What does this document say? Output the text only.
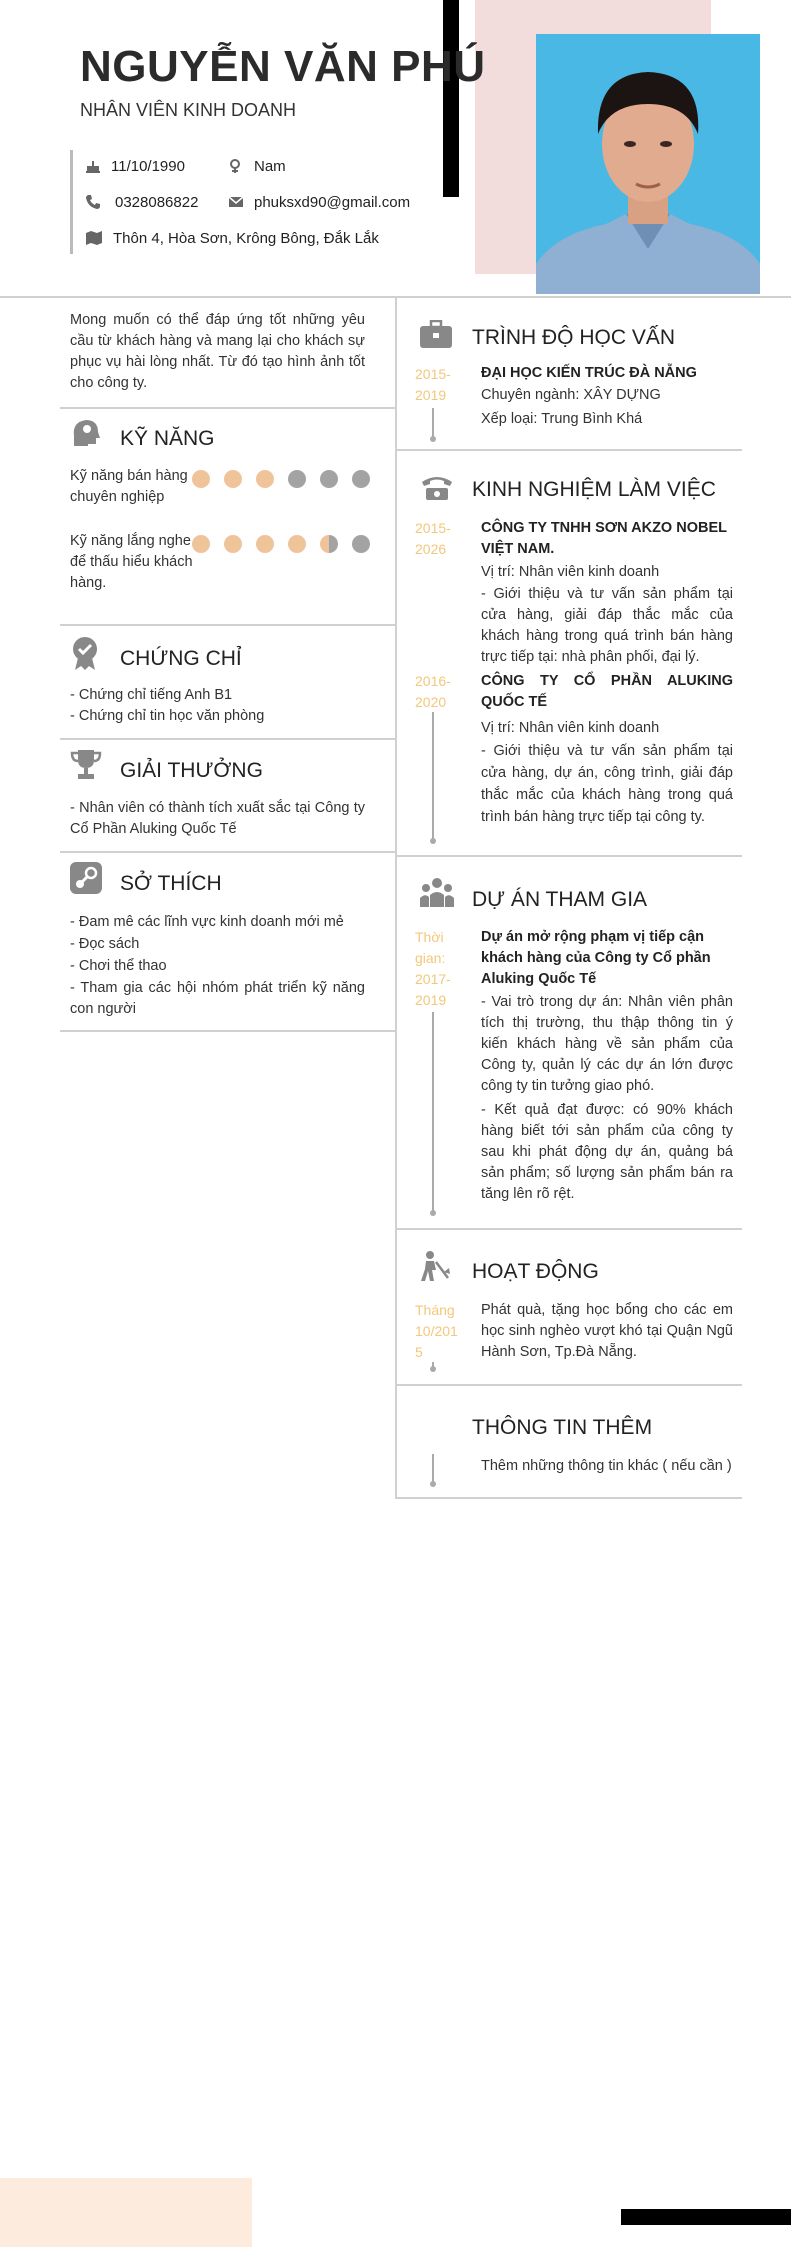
NGUYỄN VĂN PHÚ
NHÂN VIÊN KINH DOANH
11/10/1990	Nam
0328086822	phuksxd90@gmail.com
Thôn 4, Hòa Sơn, Krông Bông, Đắk Lắk
Mong muốn có thể đáp ứng tốt những yêu cầu từ khách hàng và mang lại cho khách sự phục vụ hài lòng nhất. Từ đó tạo hình ảnh tốt cho công ty.
KỸ NĂNG
Kỹ năng bán hàng chuyên nghiệp
Kỹ năng lắng nghe để thấu hiểu khách hàng.
CHỨNG CHỈ
- Chứng chỉ tiếng Anh B1
- Chứng chỉ tin học văn phòng
GIẢI THƯỞNG
- Nhân viên có thành tích xuất sắc tại Công ty Cổ Phần Aluking Quốc Tế
SỞ THÍCH
- Đam mê các lĩnh vực kinh doanh mới mẻ
- Đọc sách
- Chơi thể thao
- Tham gia các hội nhóm phát triển kỹ năng con người
TRÌNH ĐỘ HỌC VẤN
2015- 2019
ĐẠI HỌC KIẾN TRÚC ĐÀ NẴNG
Chuyên ngành: XÂY DỰNG
Xếp loại: Trung Bình Khá
KINH NGHIỆM LÀM VIỆC
2015- 2026
CÔNG TY TNHH SƠN AKZO NOBEL VIỆT NAM.
Vị trí: Nhân viên kinh doanh
- Giới thiệu và tư vấn sản phẩm tại cửa hàng, giải đáp thắc mắc của khách hàng trong quá trình bán hàng trực tiếp tại: nhà phân phối, đại lý.
2016- 2020
CÔNG TY CỔ PHẦN ALUKING QUỐC TẾ
Vị trí: Nhân viên kinh doanh
- Giới thiệu và tư vấn sản phẩm tại cửa hàng, dự án, công trình, giải đáp thắc mắc của khách hàng trong quá trình bán hàng trực tiếp tại công ty.
DỰ ÁN THAM GIA
Thời gian: 2017- 2019
Dự án mở rộng phạm vị tiếp cận khách hàng của Công ty Cổ phần Aluking Quốc Tế
- Vai trò trong dự án: Nhân viên phân tích thị trường, thu thập thông tin ý kiến khách hàng về sản phẩm của Công ty, quản lý các dự án lớn được công ty tin tưởng giao phó.
- Kết quả đạt được: có 90% khách hàng biết tới sản phẩm của công ty sau khi phát động dự án, quảng bá sản phẩm; số lượng sản phẩm bán ra tăng lên rõ rệt.
HOẠT ĐỘNG
Tháng 10/2015
Phát quà, tặng học bổng cho các em học sinh nghèo vượt khó tại Quận Ngũ Hành Sơn, Tp.Đà Nẵng.
THÔNG TIN THÊM
Thêm những thông tin khác ( nếu cần )
